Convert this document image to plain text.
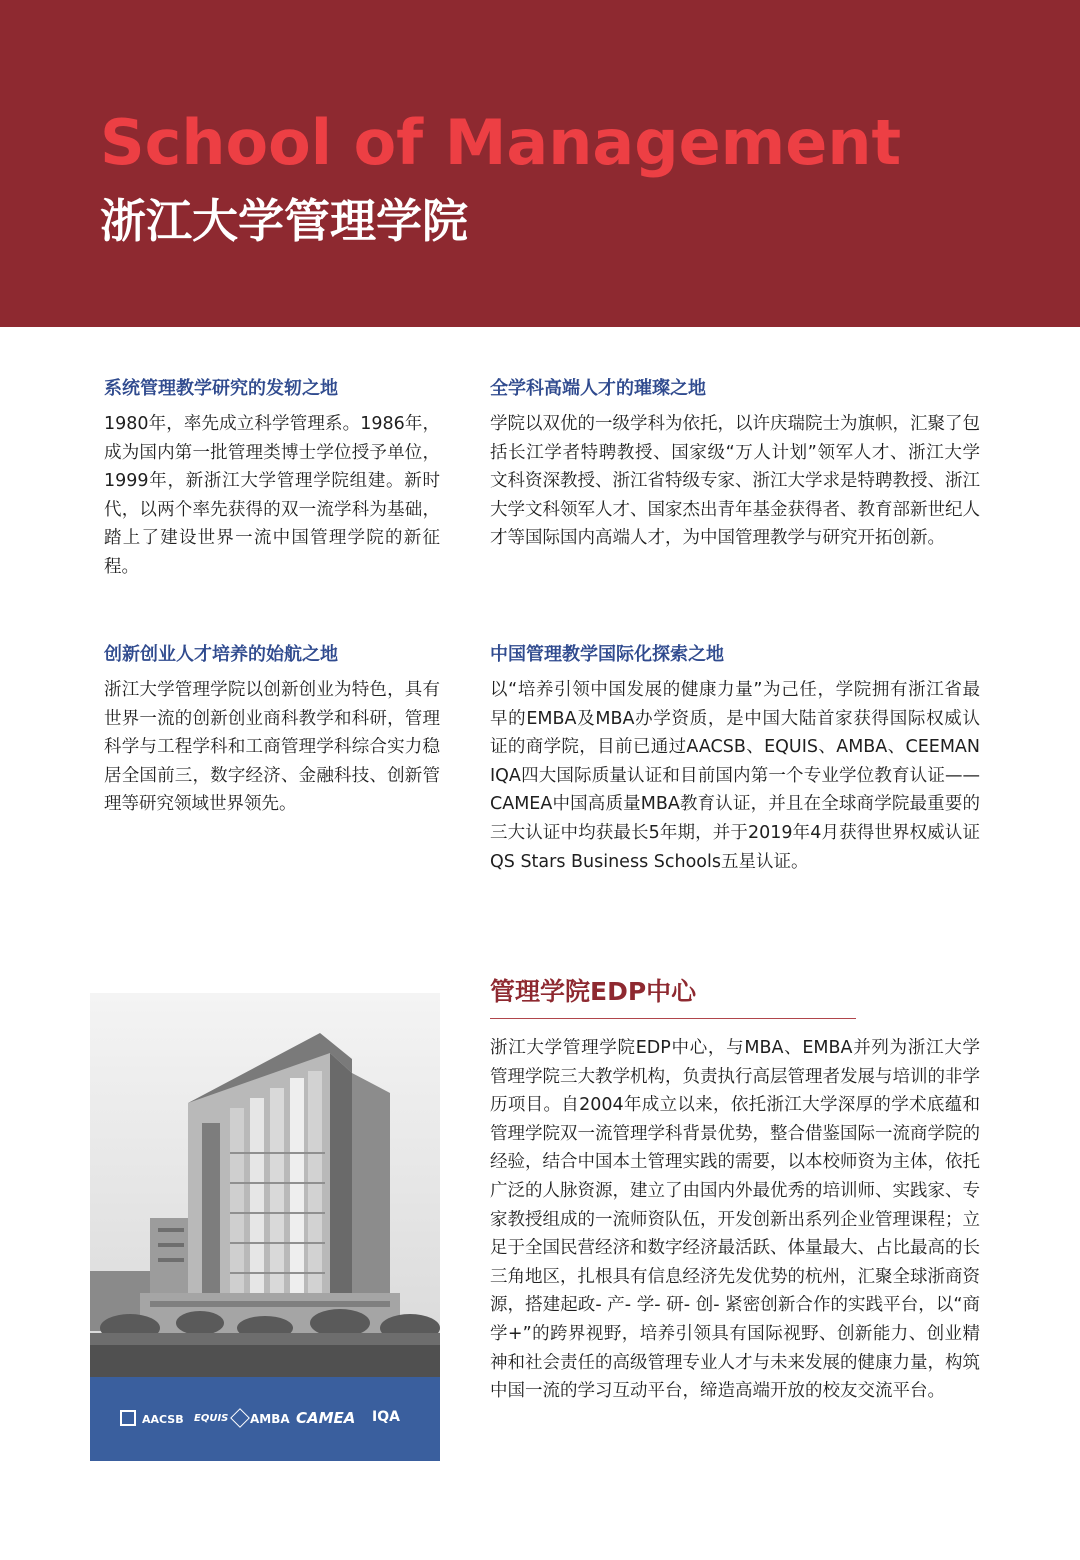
School of Management
浙江大学管理学院
系统管理教学研究的发轫之地

1980年，率先成立科学管理系。1986年，成为国内第一批管理类博士学位授予单位，1999年，新浙江大学管理学院组建。新时代，以两个率先获得的双一流学科为基础，踏上了建设世界一流中国管理学院的新征程。

全学科高端人才的璀璨之地

学院以双优的一级学科为依托，以许庆瑞院士为旗帜，汇聚了包括长江学者特聘教授、国家级“万人计划”领军人才、浙江大学文科资深教授、浙江省特级专家、浙江大学求是特聘教授、浙江大学文科领军人才、国家杰出青年基金获得者、教育部新世纪人才等国际国内高端人才，为中国管理教学与研究开拓创新。

创新创业人才培养的始航之地

浙江大学管理学院以创新创业为特色，具有世界一流的创新创业商科教学和科研，管理科学与工程学科和工商管理学科综合实力稳居全国前三，数字经济、金融科技、创新管理等研究领域世界领先。

中国管理教学国际化探索之地

以“培养引领中国发展的健康力量”为己任，学院拥有浙江省最早的EMBA及MBA办学资质，是中国大陆首家获得国际权威认证的商学院，目前已通过AACSB、EQUIS、AMBA、CEEMAN IQA四大国际质量认证和目前国内第一个专业学位教育认证——CAMEA中国高质量MBA教育认证，并且在全球商学院最重要的三大认证中均获最长5年期，并于2019年4月获得世界权威认证QS Stars Business Schools五星认证。

AACSB EQUIS AMBA CAMEA IQA
管理学院EDP中心

浙江大学管理学院EDP中心，与MBA、EMBA并列为浙江大学管理学院三大教学机构，负责执行高层管理者发展与培训的非学历项目。自2004年成立以来，依托浙江大学深厚的学术底蕴和管理学院双一流管理学科背景优势，整合借鉴国际一流商学院的经验，结合中国本土管理实践的需要，以本校师资为主体，依托广泛的人脉资源，建立了由国内外最优秀的培训师、实践家、专家教授组成的一流师资队伍，开发创新出系列企业管理课程；立足于全国民营经济和数字经济最活跃、体量最大、占比最高的长三角地区，扎根具有信息经济先发优势的杭州，汇聚全球浙商资源，搭建起政- 产- 学- 研- 创- 紧密创新合作的实践平台，以“商学+”的跨界视野，培养引领具有国际视野、创新能力、创业精神和社会责任的高级管理专业人才与未来发展的健康力量，构筑中国一流的学习互动平台，缔造高端开放的校友交流平台。
